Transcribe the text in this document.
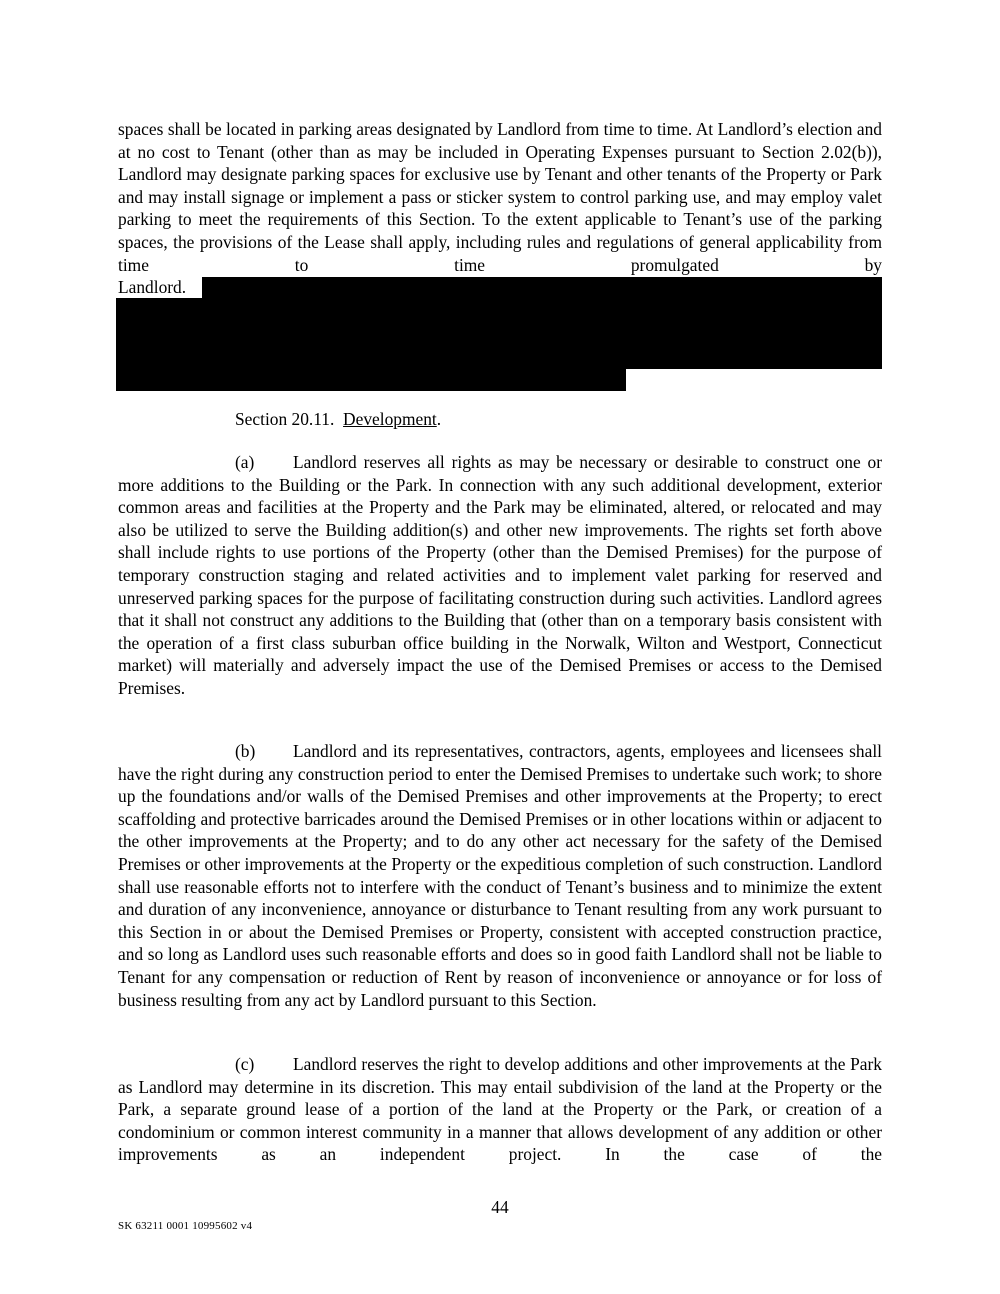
spaces shall be located in parking areas designated by Landlord from time to time. At Landlord’s election and at no cost to Tenant (other than as may be included in Operating Expenses pursuant to Section 2.02(b)), Landlord may designate parking spaces for exclusive use by Tenant and other tenants of the Property or Park and may install signage or implement a pass or sticker system to control parking use, and may employ valet parking to meet the requirements of this Section. To the extent applicable to Tenant’s use of the parking spaces, the provisions of the Lease shall apply, including rules and regulations of general applicability from time to time promulgated by

Landlord.

Section 20.11. Development.

(a) Landlord reserves all rights as may be necessary or desirable to construct one or more additions to the Building or the Park. In connection with any such additional development, exterior common areas and facilities at the Property and the Park may be eliminated, altered, or relocated and may also be utilized to serve the Building addition(s) and other new improvements. The rights set forth above shall include rights to use portions of the Property (other than the Demised Premises) for the purpose of temporary construction staging and related activities and to implement valet parking for reserved and unreserved parking spaces for the purpose of facilitating construction during such activities. Landlord agrees that it shall not construct any additions to the Building that (other than on a temporary basis consistent with the operation of a first class suburban office building in the Norwalk, Wilton and Westport, Connecticut market) will materially and adversely impact the use of the Demised Premises or access to the Demised Premises.

(b) Landlord and its representatives, contractors, agents, employees and licensees shall have the right during any construction period to enter the Demised Premises to undertake such work; to shore up the foundations and/or walls of the Demised Premises and other improvements at the Property; to erect scaffolding and protective barricades around the Demised Premises or in other locations within or adjacent to the other improvements at the Property; and to do any other act necessary for the safety of the Demised Premises or other improvements at the Property or the expeditious completion of such construction. Landlord shall use reasonable efforts not to interfere with the conduct of Tenant’s business and to minimize the extent and duration of any inconvenience, annoyance or disturbance to Tenant resulting from any work pursuant to this Section in or about the Demised Premises or Property, consistent with accepted construction practice, and so long as Landlord uses such reasonable efforts and does so in good faith Landlord shall not be liable to Tenant for any compensation or reduction of Rent by reason of inconvenience or annoyance or for loss of business resulting from any act by Landlord pursuant to this Section.

(c) Landlord reserves the right to develop additions and other improvements at the Park as Landlord may determine in its discretion. This may entail subdivision of the land at the Property or the Park, a separate ground lease of a portion of the land at the Property or the Park, or creation of a condominium or common interest community in a manner that allows development of any addition or other improvements as an independent project. In the case of the

44
SK 63211 0001 10995602 v4
